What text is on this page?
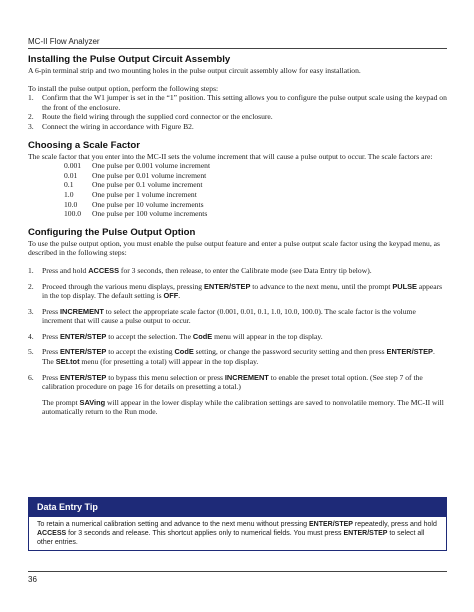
MC-II Flow Analyzer
Installing the Pulse Output Circuit Assembly

A 6-pin terminal strip and two mounting holes in the pulse output circuit assembly allow for easy installation.

To install the pulse output option, perform the following steps:

1. Confirm that the W1 jumper is set in the “1” position. This setting allows you to configure the pulse output scale using the keypad on the front of the enclosure.
2. Route the field wiring through the supplied cord connector or the enclosure.
3. Connect the wiring in accordance with Figure B2.
Choosing a Scale Factor

The scale factor that you enter into the MC-II sets the volume increment that will cause a pulse output to occur. The scale factors are:

0.001	One pulse per 0.001 volume increment
0.01	One pulse per 0.01 volume increment
0.1	One pulse per 0.1 volume increment
1.0	One pulse per 1 volume increment
10.0	One pulse per 10 volume increments
100.0	One pulse per 100 volume increments
Configuring the Pulse Output Option

To use the pulse output option, you must enable the pulse output feature and enter a pulse output scale factor using the keypad menu, as described in the following steps:

1. Press and hold ACCESS for 3 seconds, then release, to enter the Calibrate mode (see Data Entry tip below).
2. Proceed through the various menu displays, pressing ENTER/STEP to advance to the next menu, until the prompt PULSE appears in the top display. The default setting is OFF.
3. Press INCREMENT to select the appropriate scale factor (0.001, 0.01, 0.1, 1.0, 10.0, 100.0). The scale factor is the volume increment that will cause a pulse output to occur.
4. Press ENTER/STEP to accept the selection. The CodE menu will appear in the top display.
5. Press ENTER/STEP to accept the existing CodE setting, or change the password security setting and then press ENTER/STEP. The SEt.tot menu (for presetting a total) will appear in the top display.
6. Press ENTER/STEP to bypass this menu selection or press INCREMENT to enable the preset total option. (See step 7 of the calibration procedure on page 16 for details on presetting a total.)
The prompt SAVing will appear in the lower display while the calibration settings are saved to nonvolatile memory. The MC-II will automatically return to the Run mode.
Data Entry Tip
To retain a numerical calibration setting and advance to the next menu without pressing ENTER/STEP repeatedly, press and hold ACCESS for 3 seconds and release. This shortcut applies only to numerical fields. You must press ENTER/STEP to select all other entries.
36
